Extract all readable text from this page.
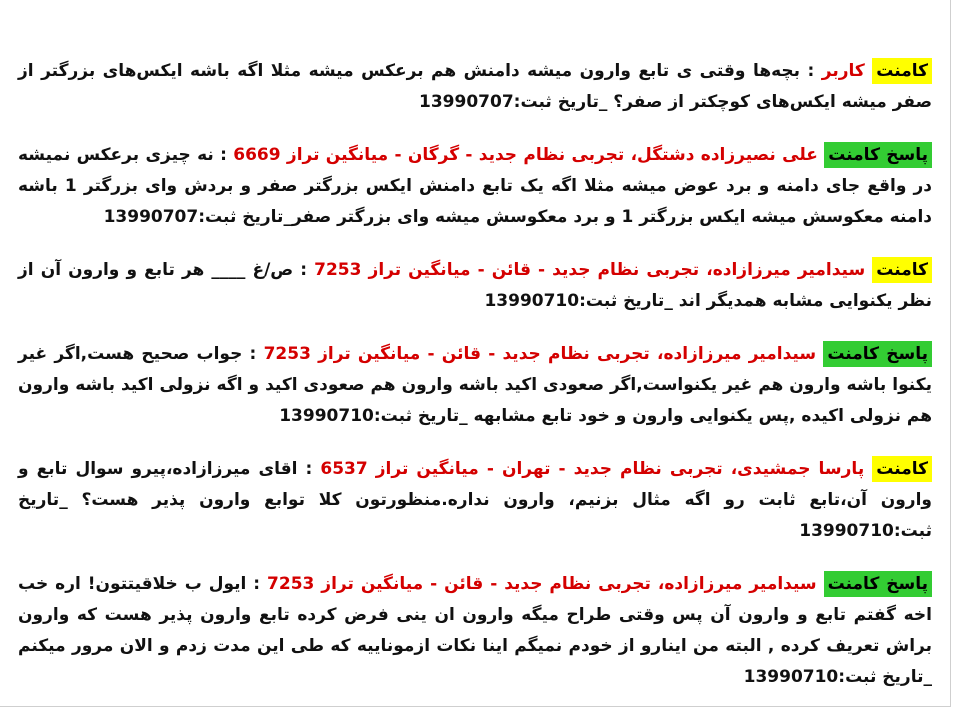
کامنت کاربر : بچه‌ها وقتی ی تابع وارون میشه دامنش هم برعکس میشه مثلا اگه باشه ایکس‌های بزرگتر از صفر میشه ایکس‌های کوچکتر از صفر؟ _تاریخ ثبت:13990707
پاسخ کامنت علی نصیرزاده دشتگل، تجربی نظام جدید - گرگان - میانگین تراز 6669 : نه چیزی برعکس نمیشه در واقع جای دامنه و برد عوض میشه مثلا اگه یک تابع دامنش ایکس بزرگتر صفر و بردش وای بزرگتر 1 باشه دامنه معکوسش میشه ایکس بزرگتر 1 و برد معکوسش میشه وای بزرگتر صفر_تاریخ ثبت:13990707
کامنت سیدامیر میرزازاده، تجربی نظام جدید - قائن - میانگین تراز 7253 : ص/غ ____ هر تابع و وارون آن از نظر یکنوایی مشابه همدیگر اند _تاریخ ثبت:13990710
پاسخ کامنت سیدامیر میرزازاده، تجربی نظام جدید - قائن - میانگین تراز 7253 : جواب صحیح هست,اگر غیر یکنوا باشه وارون هم غیر یکنواست,اگر صعودی اکید باشه وارون هم صعودی اکید و اگه نزولی اکید باشه وارون هم نزولی اکیده ,پس یکنوایی وارون و خود تابع مشابهه _تاریخ ثبت:13990710
کامنت پارسا جمشیدی، تجربی نظام جدید - تهران - میانگین تراز 6537 : اقای میرزازاده،پیرو سوال تابع و وارون آن،تابع ثابت رو اگه مثال بزنیم، وارون نداره.منظورتون کلا توابع وارون پذیر هست؟ _تاریخ ثبت:13990710
پاسخ کامنت سیدامیر میرزازاده، تجربی نظام جدید - قائن - میانگین تراز 7253 : ایول ب خلاقیتتون! اره خب اخه گفتم تابع و وارون آن پس وقتی طراح میگه وارون ان ینی فرض کرده تابع وارون پذیر هست که وارون براش تعریف کرده , البته من اینارو از خودم نمیگم اینا نکات ازموناییه که طی این مدت زدم و الان مرور میکنم _تاریخ ثبت:13990710
